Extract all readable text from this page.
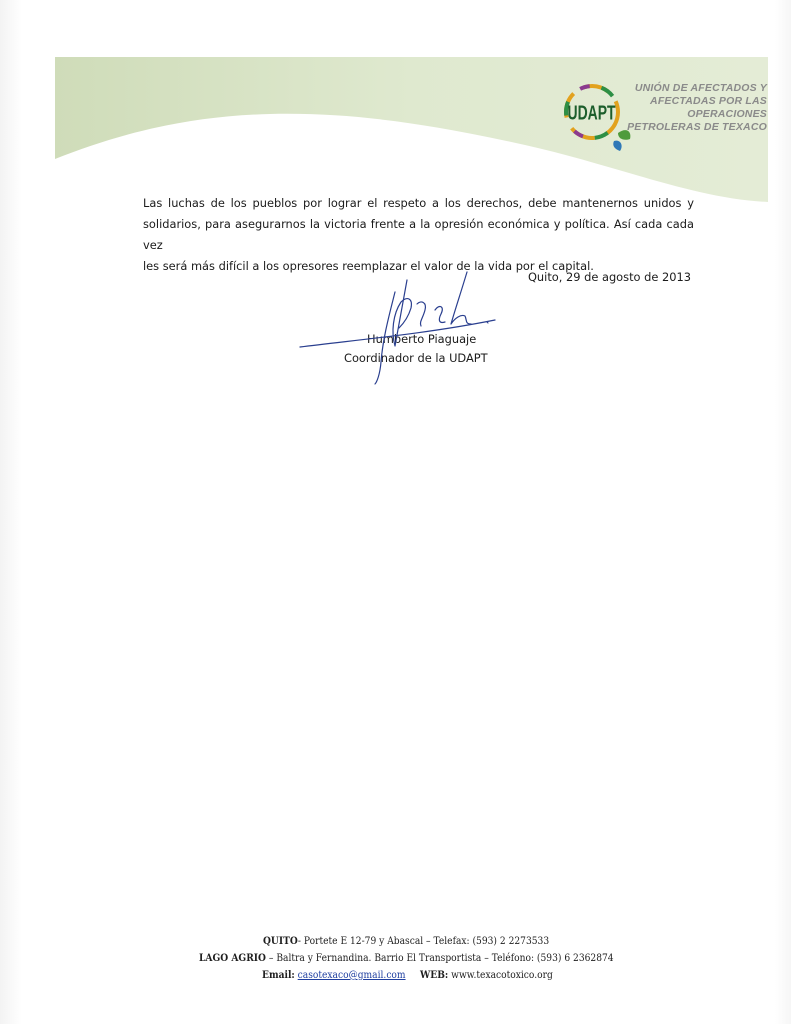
UDAPT
UNIÓN DE AFECTADOS Y
AFECTADAS POR LAS
OPERACIONES
PETROLERAS DE TEXACO
Las luchas de los pueblos por lograr el respeto a los derechos, debe mantenernos unidos y
solidarios, para asegurarnos la victoria frente a la opresión económica y política. Así cada cada vez
les será más difícil a los opresores reemplazar el valor de la vida por el capital.
Quito, 29 de agosto de 2013
Humberto Piaguaje
Coordinador de la UDAPT
QUITO- Portete E 12-79 y Abascal – Telefax: (593) 2 2273533
LAGO AGRIO – Baltra y Fernandina. Barrio El Transportista – Teléfono: (593) 6 2362874
Email: casotexaco@gmail.com WEB: www.texacotoxico.org
